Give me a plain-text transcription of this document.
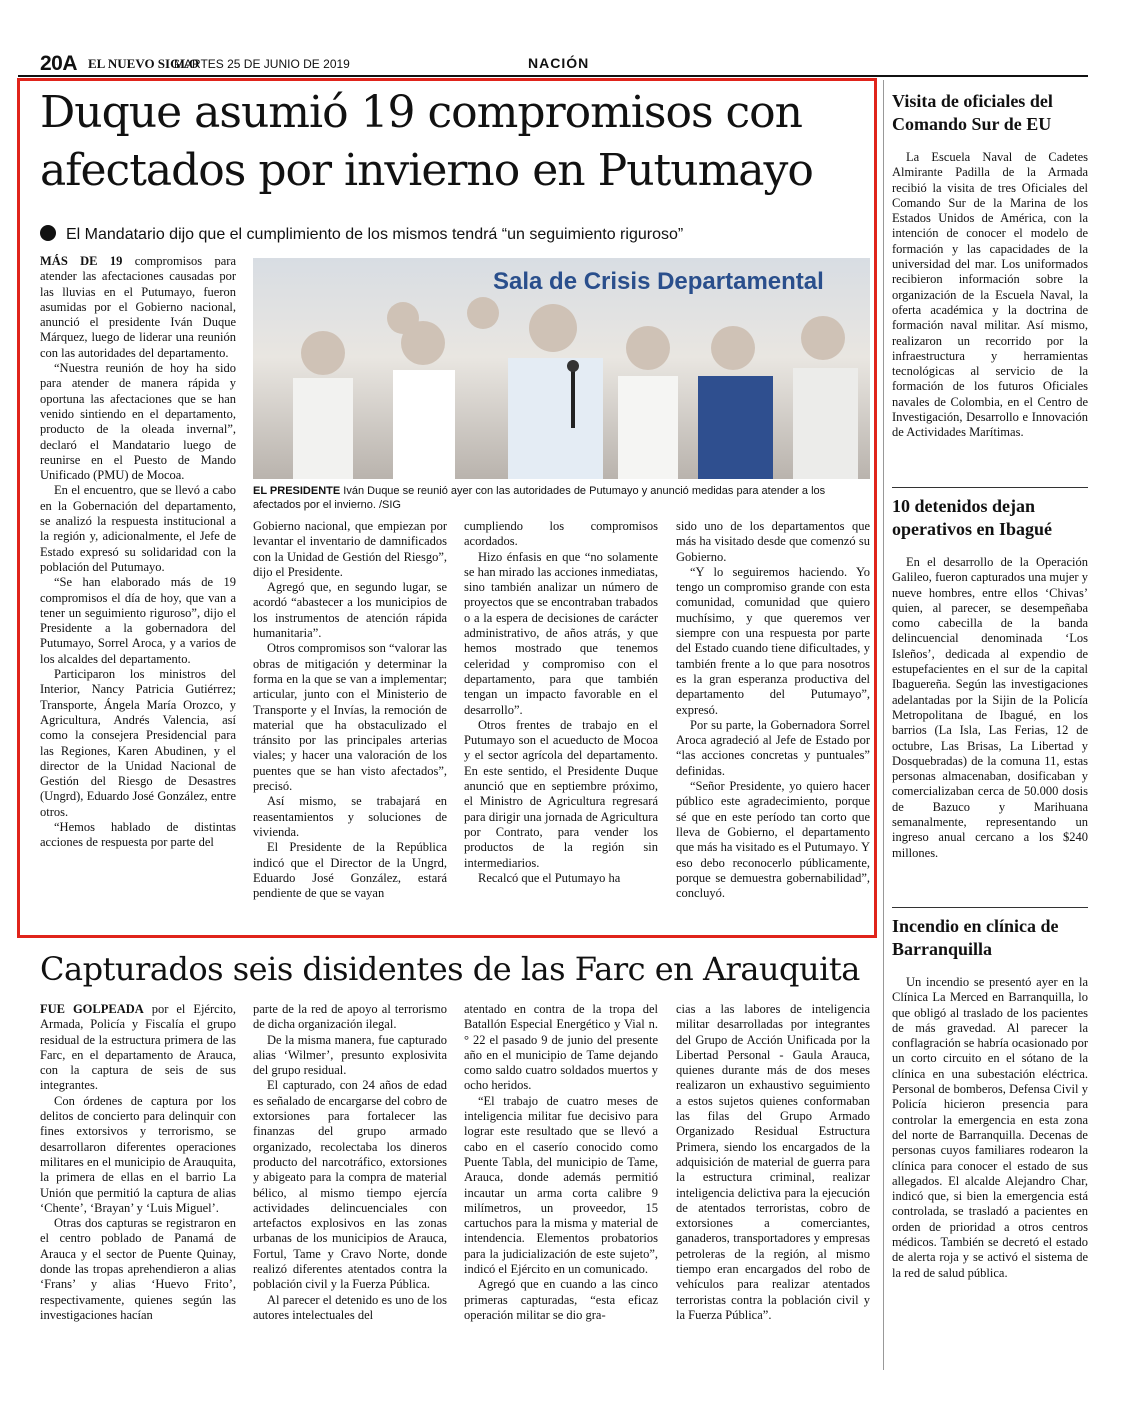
20A EL NUEVO SIGLO
MARTES 25 DE JUNIO DE 2019	NACIÓN
Duque asumió 19 compromisos con afectados por invierno en Putumayo
El Mandatario dijo que el cumplimiento de los mismos tendrá “un seguimiento riguroso”

MÁS DE 19 compromisos para atender las afectaciones causadas por las lluvias en el Putumayo, fueron asumidas por el Gobierno nacional, anunció el presidente Iván Duque Márquez, luego de liderar una reunión con las autoridades del departamento.

“Nuestra reunión de hoy ha sido para atender de manera rápida y oportuna las afectaciones que se han venido sintiendo en el departamento, producto de la oleada invernal”, declaró el Mandatario luego de reunirse en el Puesto de Mando Unificado (PMU) de Mocoa.

En el encuentro, que se llevó a cabo en la Gobernación del departamento, se analizó la respuesta institucional a la región y, adicionalmente, el Jefe de Estado expresó su solidaridad con la población del Putumayo.

“Se han elaborado más de 19 compromisos el día de hoy, que van a tener un seguimiento riguroso”, dijo el Presidente a la gobernadora del Putumayo, Sorrel Aroca, y a varios de los alcaldes del departamento.

Participaron los ministros del Interior, Nancy Patricia Gutiérrez; Transporte, Ángela María Orozco, y Agricultura, Andrés Valencia, así como la consejera Presidencial para las Regiones, Karen Abudinen, y el director de la Unidad Nacional de Gestión del Riesgo de Desastres (Ungrd), Eduardo José González, entre otros.

“Hemos hablado de distintas acciones de respuesta por parte del

Sala de Crisis Departamental
EL PRESIDENTE Iván Duque se reunió ayer con las autoridades de Putumayo y anunció medidas para atender a los afectados por el invierno. /SIG

Gobierno nacional, que empiezan por levantar el inventario de damnificados con la Unidad de Gestión del Riesgo”, dijo el Presidente.

Agregó que, en segundo lugar, se acordó “abastecer a los municipios de los instrumentos de atención rápida humanitaria”.

Otros compromisos son “valorar las obras de mitigación y determinar la forma en la que se van a implementar; articular, junto con el Ministerio de Transporte y el Invías, la remoción de material que ha obstaculizado el tránsito por las principales arterias viales; y hacer una valoración de los puentes que se han visto afectados”, precisó.

Así mismo, se trabajará en reasentamientos y soluciones de vivienda.

El Presidente de la República indicó que el Director de la Ungrd, Eduardo José González, estará pendiente de que se vayan

cumpliendo los compromisos acordados.

Hizo énfasis en que “no solamente se han mirado las acciones inmediatas, sino también analizar un número de proyectos que se encontraban trabados o a la espera de decisiones de carácter administrativo, de años atrás, y que hemos mostrado que tenemos celeridad y compromiso con el departamento, para que también tengan un impacto favorable en el desarrollo”.

Otros frentes de trabajo en el Putumayo son el acueducto de Mocoa y el sector agrícola del departamento. En este sentido, el Presidente Duque anunció que en septiembre próximo, el Ministro de Agricultura regresará para dirigir una jornada de Agricultura por Contrato, para vender los productos de la región sin intermediarios.

Recalcó que el Putumayo ha

sido uno de los departamentos que más ha visitado desde que comenzó su Gobierno.

“Y lo seguiremos haciendo. Yo tengo un compromiso grande con esta comunidad, comunidad que quiero muchísimo, y que queremos ver siempre con una respuesta por parte del Estado cuando tiene dificultades, y también frente a lo que para nosotros es la gran esperanza productiva del departamento del Putumayo”, expresó.

Por su parte, la Gobernadora Sorrel Aroca agradeció al Jefe de Estado por “las acciones concretas y puntuales” definidas.

“Señor Presidente, yo quiero hacer público este agradecimiento, porque sé que en este período tan corto que lleva de Gobierno, el departamento que más ha visitado es el Putumayo. Y eso debo reconocerlo públicamente, porque se demuestra gobernabilidad”, concluyó.

Capturados seis disidentes de las Farc en Arauquita

FUE GOLPEADA por el Ejército, Armada, Policía y Fiscalía el grupo residual de la estructura primera de las Farc, en el departamento de Arauca, con la captura de seis de sus integrantes.

Con órdenes de captura por los delitos de concierto para delinquir con fines extorsivos y terrorismo, se desarrollaron diferentes operaciones militares en el municipio de Arauquita, la primera de ellas en el barrio La Unión que permitió la captura de alias ‘Chente’, ‘Brayan’ y ‘Luis Miguel’.

Otras dos capturas se registraron en el centro poblado de Panamá de Arauca y el sector de Puente Quinay, donde las tropas aprehendieron a alias ‘Frans’ y alias ‘Huevo Frito’, respectivamente, quienes según las investigaciones hacían

parte de la red de apoyo al terrorismo de dicha organización ilegal.

De la misma manera, fue capturado alias ‘Wilmer’, presunto explosivita del grupo residual.

El capturado, con 24 años de edad es señalado de encargarse del cobro de extorsiones para fortalecer las finanzas del grupo armado organizado, recolectaba los dineros producto del narcotráfico, extorsiones y abigeato para la compra de material bélico, al mismo tiempo ejercía actividades delincuenciales con artefactos explosivos en las zonas urbanas de los municipios de Arauca, Fortul, Tame y Cravo Norte, donde realizó diferentes atentados contra la población civil y la Fuerza Pública.

Al parecer el detenido es uno de los autores intelectuales del

atentado en contra de la tropa del Batallón Especial Energético y Vial n.° 22 el pasado 9 de junio del presente año en el municipio de Tame dejando como saldo cuatro soldados muertos y ocho heridos.

“El trabajo de cuatro meses de inteligencia militar fue decisivo para lograr este resultado que se llevó a cabo en el caserío conocido como Puente Tabla, del municipio de Tame, Arauca, donde además permitió incautar un arma corta calibre 9 milímetros, un proveedor, 15 cartuchos para la misma y material de intendencia. Elementos probatorios para la judicialización de este sujeto”, indicó el Ejército en un comunicado.

Agregó que en cuando a las cinco primeras capturadas, “esta eficaz operación militar se dio gra-

cias a las labores de inteligencia militar desarrolladas por integrantes del Grupo de Acción Unificada por la Libertad Personal - Gaula Arauca, quienes durante más de dos meses realizaron un exhaustivo seguimiento a estos sujetos quienes conformaban las filas del Grupo Armado Organizado Residual Estructura Primera, siendo los encargados de la adquisición de material de guerra para la estructura criminal, realizar inteligencia delictiva para la ejecución de atentados terroristas, cobro de extorsiones a comerciantes, ganaderos, transportadores y empresas petroleras de la región, al mismo tiempo eran encargados del robo de vehículos para realizar atentados terroristas contra la población civil y la Fuerza Pública”.

Visita de oficiales del Comando Sur de EU

La Escuela Naval de Cadetes Almirante Padilla de la Armada recibió la visita de tres Oficiales del Comando Sur de la Marina de los Estados Unidos de América, con la intención de conocer el modelo de formación y las capacidades de la universidad del mar. Los uniformados recibieron información sobre la organización de la Escuela Naval, la oferta académica y la doctrina de formación naval militar. Así mismo, realizaron un recorrido por la infraestructura y herramientas tecnológicas al servicio de la formación de los futuros Oficiales navales de Colombia, en el Centro de Investigación, Desarrollo e Innovación de Actividades Marítimas.

10 detenidos dejan operativos en Ibagué

En el desarrollo de la Operación Galileo, fueron capturados una mujer y nueve hombres, entre ellos ‘Chivas’ quien, al parecer, se desempeñaba como cabecilla de la banda delincuencial denominada ‘Los Isleños’, dedicada al expendio de estupefacientes en el sur de la capital Ibaguereña. Según las investigaciones adelantadas por la Sijin de la Policía Metropolitana de Ibagué, en los barrios (La Isla, Las Ferias, 12 de octubre, Las Brisas, La Libertad y Dosquebradas) de la comuna 11, estas personas almacenaban, dosificaban y comercializaban cerca de 50.000 dosis de Bazuco y Marihuana semanalmente, representando un ingreso anual cercano a los $240 millones.

Incendio en clínica de Barranquilla

Un incendio se presentó ayer en la Clínica La Merced en Barranquilla, lo que obligó al traslado de los pacientes de más gravedad. Al parecer la conflagración se habría ocasionado por un corto circuito en el sótano de la clínica en una subestación eléctrica. Personal de bomberos, Defensa Civil y Policía hicieron presencia para controlar la emergencia en esta zona del norte de Barranquilla. Decenas de personas cuyos familiares rodearon la clínica para conocer el estado de sus allegados. El alcalde Alejandro Char, indicó que, si bien la emergencia está controlada, se trasladó a pacientes en orden de prioridad a otros centros médicos. También se decretó el estado de alerta roja y se activó el sistema de la red de salud pública.
